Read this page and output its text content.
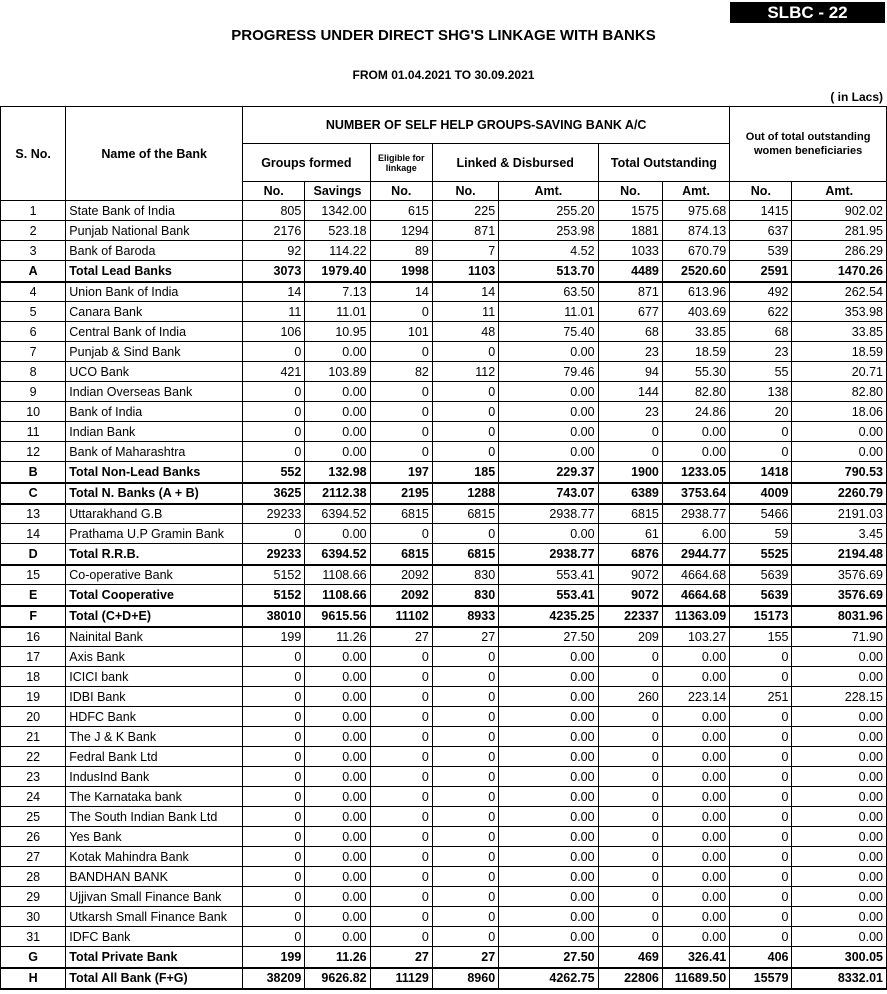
SLBC - 22
PROGRESS UNDER DIRECT SHG'S LINKAGE WITH BANKS
FROM 01.04.2021 TO 30.09.2021
( in Lacs)
S. No.	Name of the Bank	NUMBER OF SELF HELP GROUPS-SAVING BANK A/C							Out of total outstanding women beneficiaries	
		Groups formed		Eligible for linkage	Linked & Disbursed		Total Outstanding			
		No.	Savings	No.	No.	Amt.	No.	Amt.	No.	Amt.
1	State Bank of India	805	1342.00	615	225	255.20	1575	975.68	1415	902.02
2	Punjab National Bank	2176	523.18	1294	871	253.98	1881	874.13	637	281.95
3	Bank of Baroda	92	114.22	89	7	4.52	1033	670.79	539	286.29
A	Total Lead Banks	3073	1979.40	1998	1103	513.70	4489	2520.60	2591	1470.26
4	Union Bank of India	14	7.13	14	14	63.50	871	613.96	492	262.54
5	Canara Bank	11	11.01	0	11	11.01	677	403.69	622	353.98
6	Central Bank of India	106	10.95	101	48	75.40	68	33.85	68	33.85
7	Punjab & Sind Bank	0	0.00	0	0	0.00	23	18.59	23	18.59
8	UCO Bank	421	103.89	82	112	79.46	94	55.30	55	20.71
9	Indian Overseas Bank	0	0.00	0	0	0.00	144	82.80	138	82.80
10	Bank of India	0	0.00	0	0	0.00	23	24.86	20	18.06
11	Indian Bank	0	0.00	0	0	0.00	0	0.00	0	0.00
12	Bank of Maharashtra	0	0.00	0	0	0.00	0	0.00	0	0.00
B	Total Non-Lead Banks	552	132.98	197	185	229.37	1900	1233.05	1418	790.53
C	Total N. Banks (A + B)	3625	2112.38	2195	1288	743.07	6389	3753.64	4009	2260.79
13	Uttarakhand G.B	29233	6394.52	6815	6815	2938.77	6815	2938.77	5466	2191.03
14	Prathama U.P Gramin Bank	0	0.00	0	0	0.00	61	6.00	59	3.45
D	Total R.R.B.	29233	6394.52	6815	6815	2938.77	6876	2944.77	5525	2194.48
15	Co-operative Bank	5152	1108.66	2092	830	553.41	9072	4664.68	5639	3576.69
E	Total Cooperative	5152	1108.66	2092	830	553.41	9072	4664.68	5639	3576.69
F	Total (C+D+E)	38010	9615.56	11102	8933	4235.25	22337	11363.09	15173	8031.96
16	Nainital Bank	199	11.26	27	27	27.50	209	103.27	155	71.90
17	Axis Bank	0	0.00	0	0	0.00	0	0.00	0	0.00
18	ICICI bank	0	0.00	0	0	0.00	0	0.00	0	0.00
19	IDBI Bank	0	0.00	0	0	0.00	260	223.14	251	228.15
20	HDFC Bank	0	0.00	0	0	0.00	0	0.00	0	0.00
21	The J & K Bank	0	0.00	0	0	0.00	0	0.00	0	0.00
22	Fedral Bank Ltd	0	0.00	0	0	0.00	0	0.00	0	0.00
23	IndusInd Bank	0	0.00	0	0	0.00	0	0.00	0	0.00
24	The Karnataka bank	0	0.00	0	0	0.00	0	0.00	0	0.00
25	The South Indian Bank Ltd	0	0.00	0	0	0.00	0	0.00	0	0.00
26	Yes Bank	0	0.00	0	0	0.00	0	0.00	0	0.00
27	Kotak Mahindra Bank	0	0.00	0	0	0.00	0	0.00	0	0.00
28	BANDHAN BANK	0	0.00	0	0	0.00	0	0.00	0	0.00
29	Ujjivan Small Finance Bank	0	0.00	0	0	0.00	0	0.00	0	0.00
30	Utkarsh Small Finance Bank	0	0.00	0	0	0.00	0	0.00	0	0.00
31	IDFC Bank	0	0.00	0	0	0.00	0	0.00	0	0.00
G	Total Private Bank	199	11.26	27	27	27.50	469	326.41	406	300.05
H	Total All Bank (F+G)	38209	9626.82	11129	8960	4262.75	22806	11689.50	15579	8332.01
